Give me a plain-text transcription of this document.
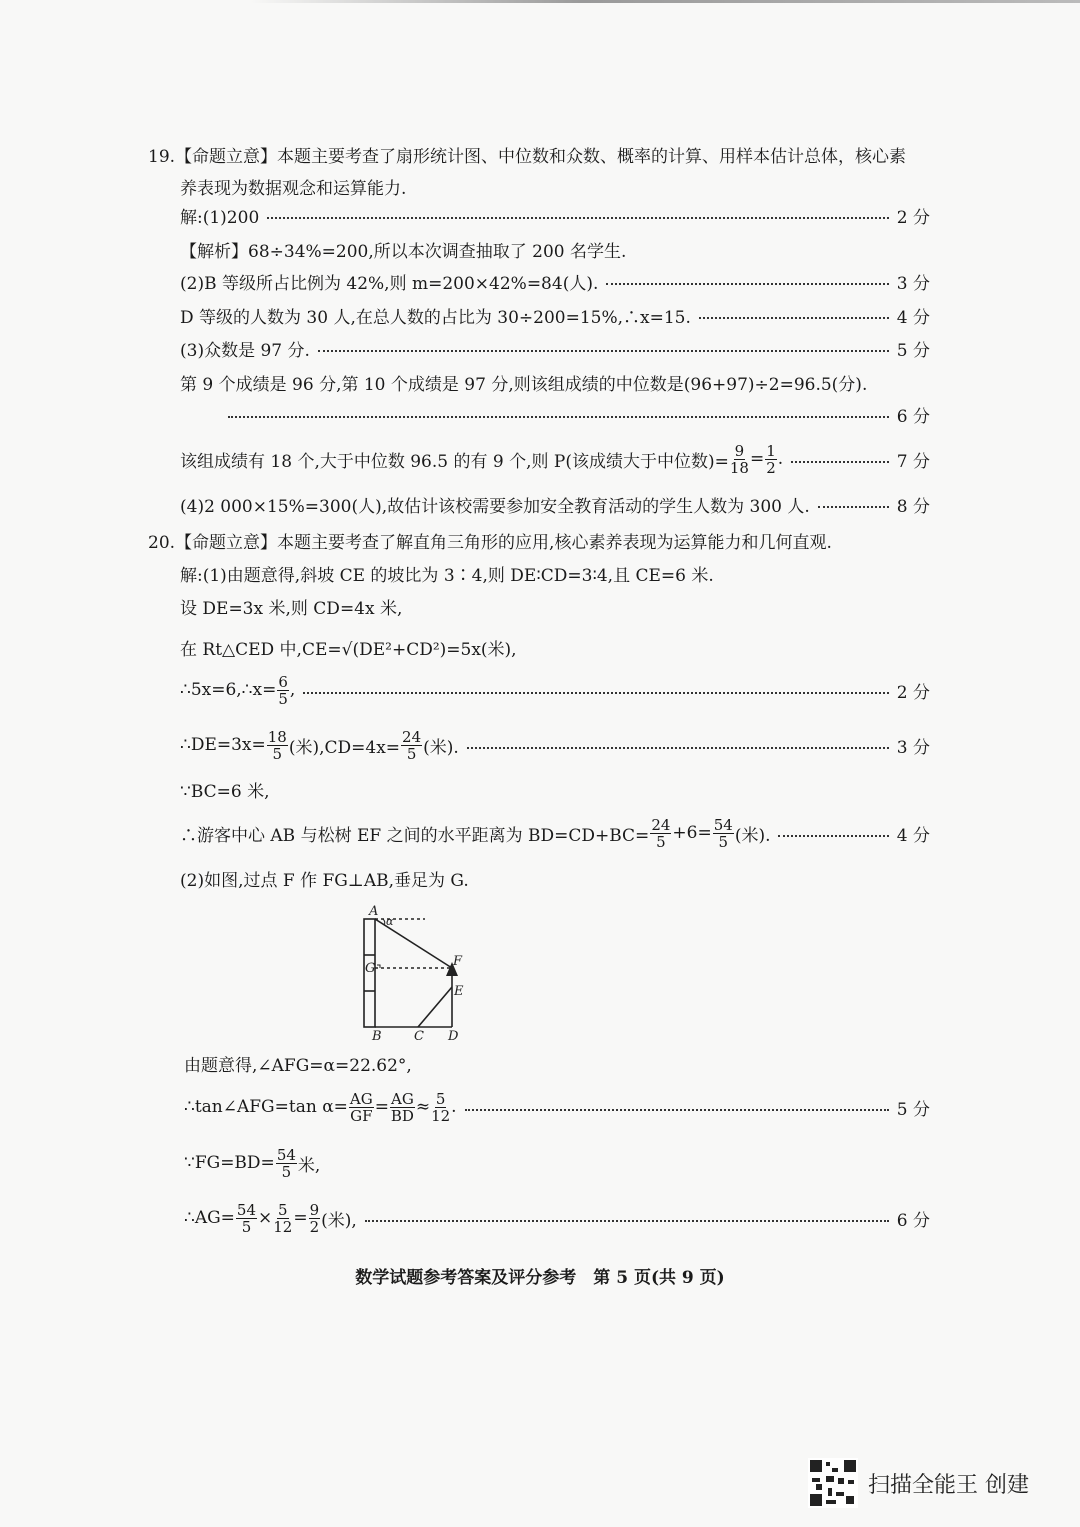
19.【命题立意】本题主要考查了扇形统计图、中位数和众数、概率的计算、用样本估计总体，核心素
养表现为数据观念和运算能力.
解:(1)200	2 分
【解析】68÷34%=200,所以本次调查抽取了 200 名学生.
(2)B 等级所占比例为 42%,则 m=200×42%=84(人).	3 分
D 等级的人数为 30 人,在总人数的占比为 30÷200=15%,∴x=15.	4 分
(3)众数是 97 分.	5 分
第 9 个成绩是 96 分,第 10 个成绩是 97 分,则该组成绩的中位数是(96+97)÷2=96.5(分).
6 分
该组成绩有 18 个,大于中位数 96.5 的有 9 个,则 P(该成绩大于中位数)= $\frac{9}{18} = \frac{1}{2}$ .	7 分
(4)2 000×15%=300(人),故估计该校需要参加安全教育活动的学生人数为 300 人.	8 分
20.【命题立意】本题主要考查了解直角三角形的应用,核心素养表现为运算能力和几何直观.
解:(1)由题意得,斜坡 CE 的坡比为 3∶4,则 DE∶CD=3∶4,且 CE=6 米.
设 DE=3x 米,则 CD=4x 米,
在 Rt△CED 中,CE=√(DE²+CD²)=5x(米),
∴5x=6,∴x= $\frac{6}{5}$ ,	2 分
∴DE=3x= $\frac{18}{5}$ (米)$,CD=4x= \frac{24}{5}$ (米).	3 分
∵BC=6 米,
∴游客中心 AB 与松树 EF 之间的水平距离为 $BD=CD+BC= \frac{24}{5} +6= \frac{54}{5}$ (米).	4 分
(2)如图,过点 F 作 FG⊥AB,垂足为 G.
由题意得,∠AFG=α=22.62°,
∴tan∠AFG=tan $\alpha= \frac{AG}{GF} = \frac{AG}{BD} \approx \frac{5}{12}$ .	5 分
∵FG=BD= $\frac{54}{5}$ 米,
∴AG= $\frac{54}{5} \times \frac{5}{12} = \frac{9}{2}$ (米),	6 分
A
α
G	F
E
B C D
数学试题参考答案及评分参考　第 5 页(共 9 页)
扫描全能王 创建
